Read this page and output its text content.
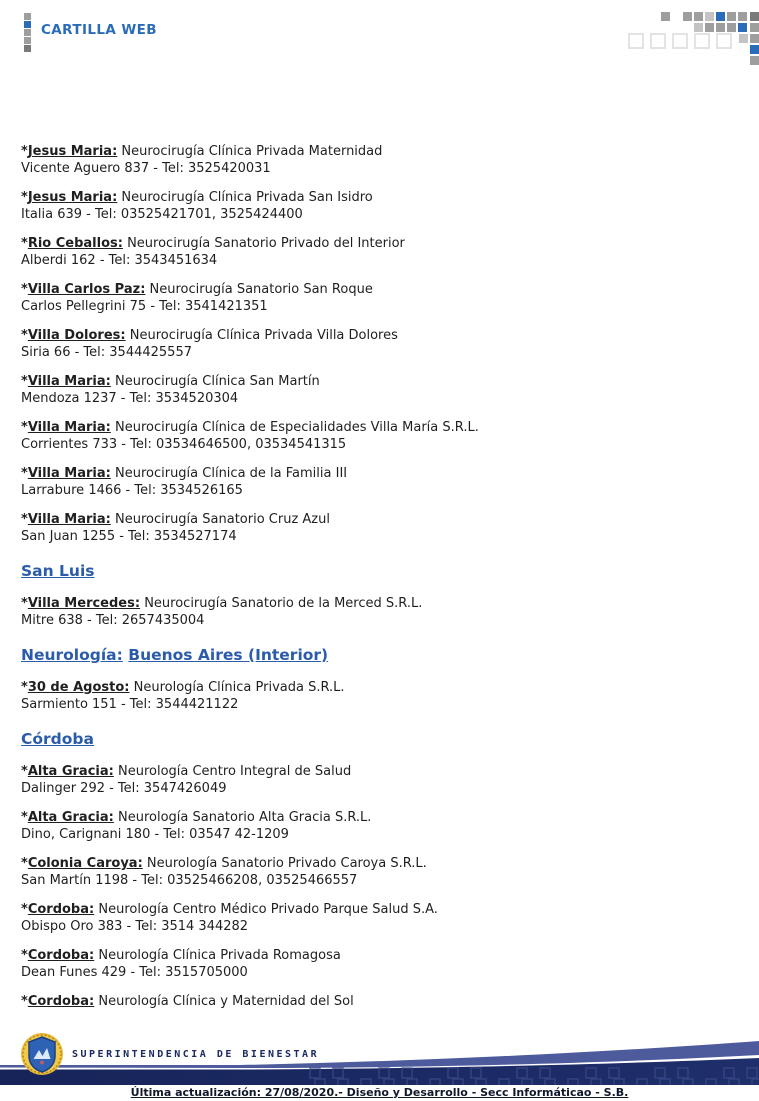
CARTILLA WEB

*Jesus Maria: Neurocirugía Clínica Privada Maternidad
Vicente Aguero 837 - Tel: 3525420031

*Jesus Maria: Neurocirugía Clínica Privada San Isidro
Italia 639 - Tel: 03525421701, 3525424400

*Rio Ceballos: Neurocirugía Sanatorio Privado del Interior
Alberdi 162 - Tel: 3543451634

*Villa Carlos Paz: Neurocirugía Sanatorio San Roque
Carlos Pellegrini 75 - Tel: 3541421351

*Villa Dolores: Neurocirugía Clínica Privada Villa Dolores
Siria 66 - Tel: 3544425557

*Villa Maria: Neurocirugía Clínica San Martín
Mendoza 1237 - Tel: 3534520304

*Villa Maria: Neurocirugía Clínica de Especialidades Villa María S.R.L.
Corrientes 733 - Tel: 03534646500, 03534541315

*Villa Maria: Neurocirugía Clínica de la Familia III
Larrabure 1466 - Tel: 3534526165

*Villa Maria: Neurocirugía Sanatorio Cruz Azul
San Juan 1255 - Tel: 3534527174

San Luis

*Villa Mercedes: Neurocirugía Sanatorio de la Merced S.R.L.
Mitre 638 - Tel: 2657435004

Neurología: Buenos Aires (Interior)

*30 de Agosto: Neurología Clínica Privada S.R.L.
Sarmiento 151 - Tel: 3544421122

Córdoba

*Alta Gracia: Neurología Centro Integral de Salud
Dalinger 292 - Tel: 3547426049

*Alta Gracia: Neurología Sanatorio Alta Gracia S.R.L.
Dino, Carignani 180 - Tel: 03547 42-1209

*Colonia Caroya: Neurología Sanatorio Privado Caroya S.R.L.
San Martín 1198 - Tel: 03525466208, 03525466557

*Cordoba: Neurología Centro Médico Privado Parque Salud S.A.
Obispo Oro 383 - Tel: 3514 344282

*Cordoba: Neurología Clínica Privada Romagosa
Dean Funes 429 - Tel: 3515705000

*Cordoba: Neurología Clínica y Maternidad del Sol

SUPERINTENDENCIA DE BIENESTAR
Última actualización: 27/08/2020.- Diseño y Desarrollo - Secc Informáticao - S.B.
